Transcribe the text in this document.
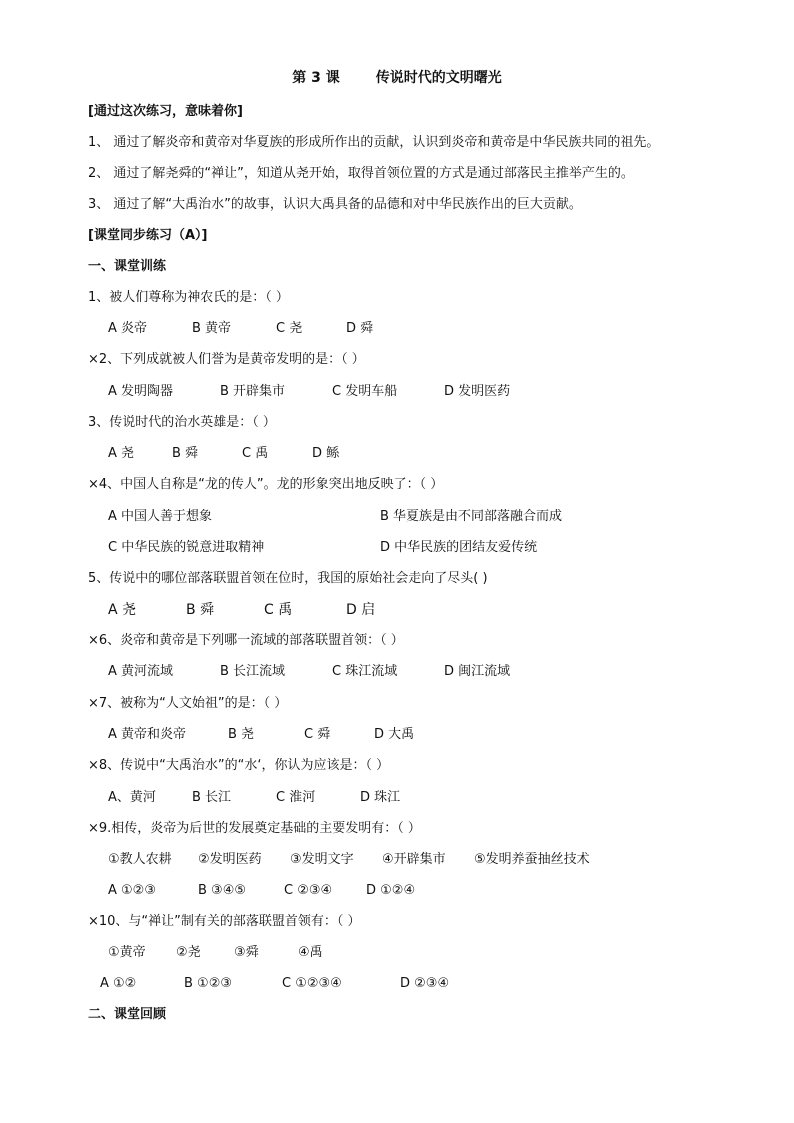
第 3 课	传说时代的文明曙光
[通过这次练习，意味着你]
1、 通过了解炎帝和黄帝对华夏族的形成所作出的贡献，认识到炎帝和黄帝是中华民族共同的祖先。
2、 通过了解尧舜的“禅让”，知道从尧开始，取得首领位置的方式是通过部落民主推举产生的。
3、 通过了解“大禹治水”的故事，认识大禹具备的品德和对中华民族作出的巨大贡献。
[课堂同步练习（A）]
一、课堂训练
1、被人们尊称为神农氏的是：（ ）
A 炎帝	B 黄帝	C 尧	D 舜
×2、下列成就被人们誉为是黄帝发明的是：（ ）
A 发明陶器	B 开辟集市	C 发明车船	D 发明医药
3、传说时代的治水英雄是：（ ）
A 尧	B 舜	C 禹	D 鲧
×4、中国人自称是“龙的传人”。龙的形象突出地反映了：（ ）
A 中国人善于想象	B 华夏族是由不同部落融合而成
C 中华民族的锐意进取精神	D 中华民族的团结友爱传统
5、传说中的哪位部落联盟首领在位时，我国的原始社会走向了尽头( )
A 尧	B 舜	C 禹	D 启
×6、炎帝和黄帝是下列哪一流域的部落联盟首领：（ ）
A 黄河流域	B 长江流域	C 珠江流域	D 闽江流域
×7、被称为“人文始祖”的是：（ ）
A 黄帝和炎帝	B 尧	C 舜	D 大禹
×8、传说中“大禹治水”的“水‘，你认为应该是：（ ）
A、黄河	B 长江	C 淮河	D 珠江
×9.相传，炎帝为后世的发展奠定基础的主要发明有：（ ）
①教人农耕 ②发明医药 ③发明文字 ④开辟集市 ⑤发明养蚕抽丝技术
A ①②③	B ③④⑤	C ②③④	D ①②④
×10、与“禅让”制有关的部落联盟首领有：（ ）
①黄帝 ②尧	③舜	④禹
A ①②	B ①②③	C ①②③④	D ②③④
二、课堂回顾
